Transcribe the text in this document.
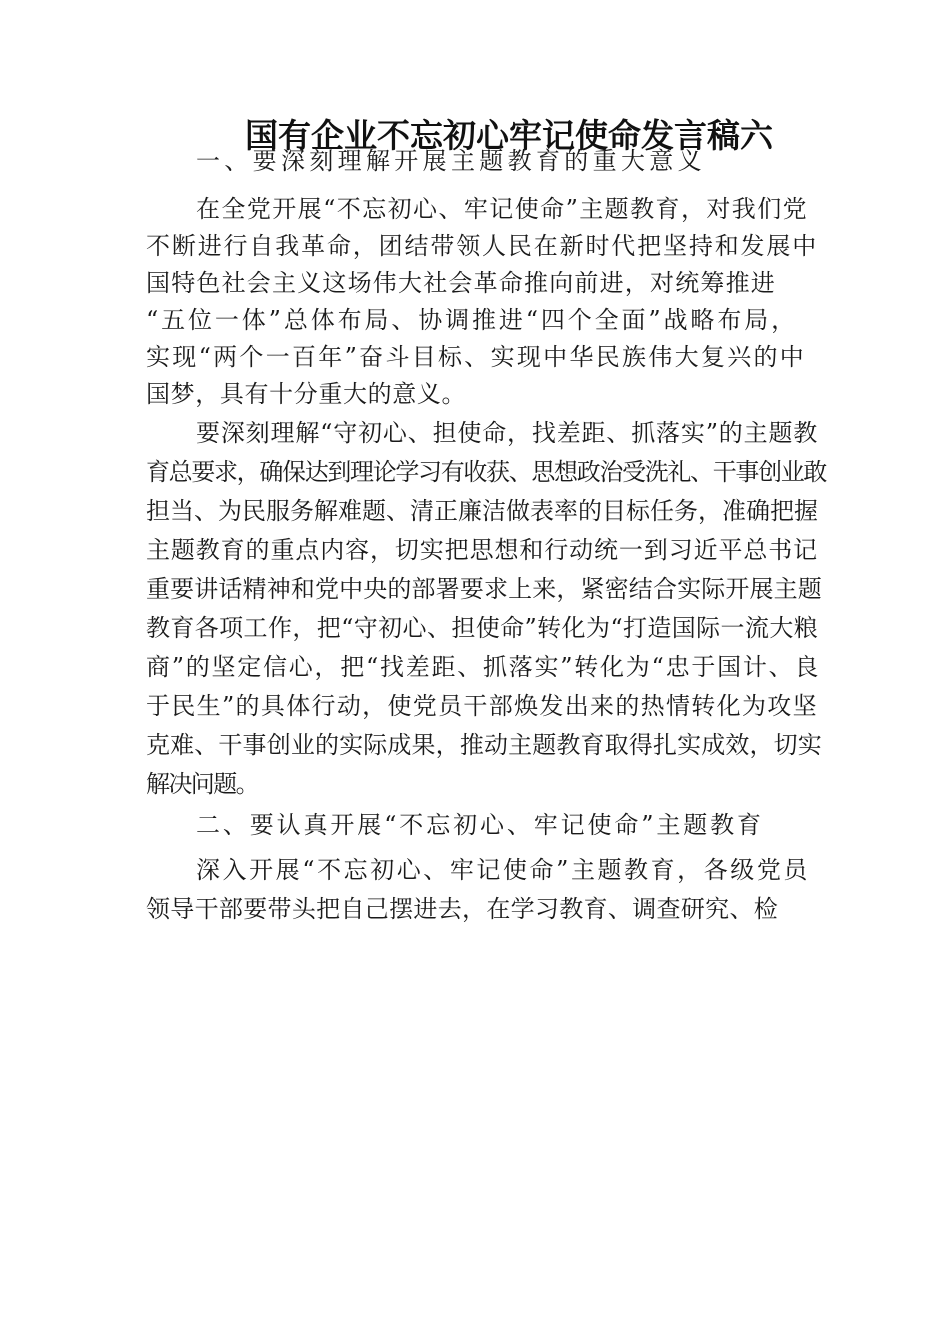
国有企业不忘初心牢记使命发言稿六
一、要深刻理解开展主题教育的重大意义
在全党开展“不忘初心、牢记使命”主题教育，对我们党
不断进行自我革命，团结带领人民在新时代把坚持和发展中
国特色社会主义这场伟大社会革命推向前进，对统筹推进
“五位一体”总体布局、协调推进“四个全面”战略布局，
实现“两个一百年”奋斗目标、实现中华民族伟大复兴的中
国梦，具有十分重大的意义。
要深刻理解“守初心、担使命，找差距、抓落实”的主题教
育总要求，确保达到理论学习有收获、思想政治受洗礼、干事创业敢
担当、为民服务解难题、清正廉洁做表率的目标任务，准确把握
主题教育的重点内容，切实把思想和行动统一到习近平总书记
重要讲话精神和党中央的部署要求上来，紧密结合实际开展主题
教育各项工作，把“守初心、担使命”转化为“打造国际一流大粮
商”的坚定信心，把“找差距、抓落实”转化为“忠于国计、良
于民生”的具体行动，使党员干部焕发出来的热情转化为攻坚
克难、干事创业的实际成果，推动主题教育取得扎实成效，切实
解决问题。
二、要认真开展“不忘初心、牢记使命”主题教育
深入开展“不忘初心、牢记使命”主题教育，各级党员
领导干部要带头把自己摆进去，在学习教育、调查研究、检
